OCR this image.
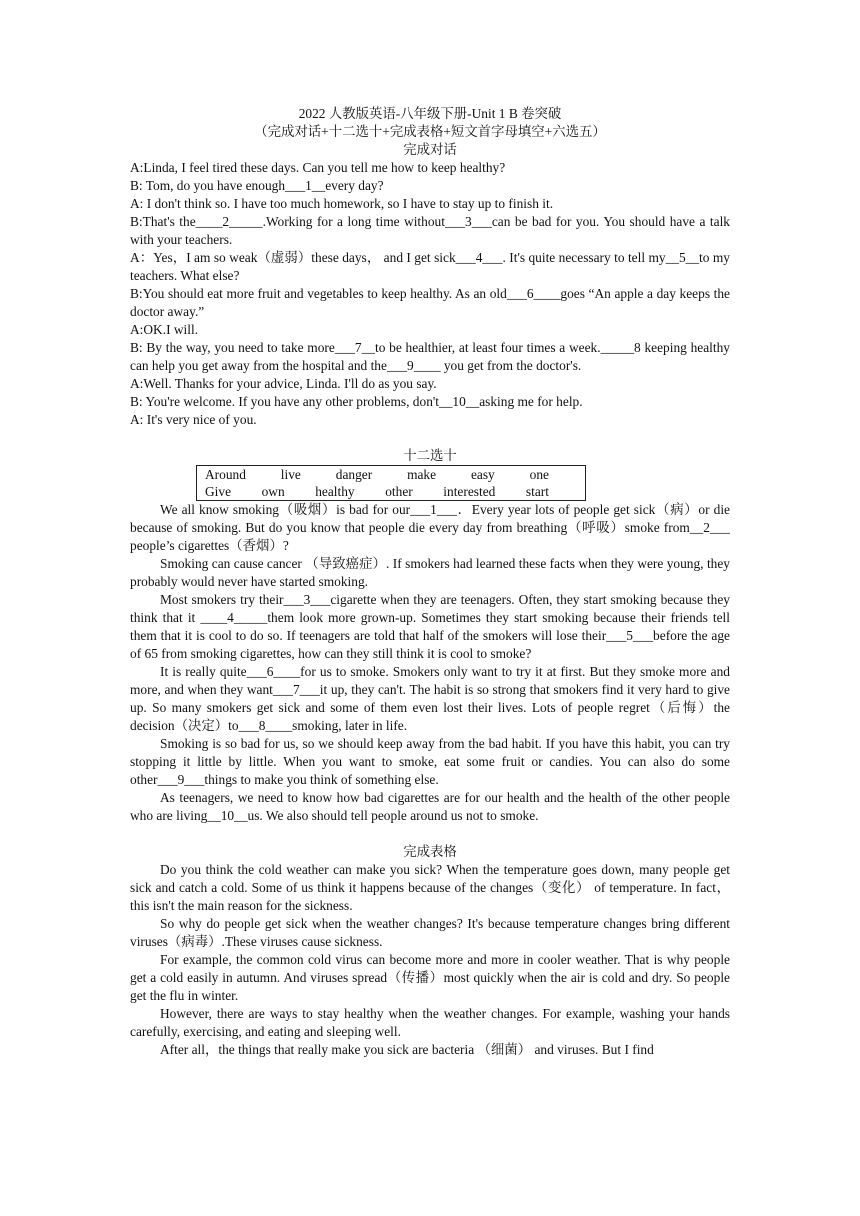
2022 人教版英语-八年级下册-Unit 1 B 卷突破

（完成对话+十二选十+完成表格+短文首字母填空+六选五）

完成对话

A:Linda, I feel tired these days. Can you tell me how to keep healthy?

B: Tom, do you have enough___1__every day?

A: I don't think so. I have too much homework, so I have to stay up to finish it.

B:That's the____2_____.Working for a long time without___3___can be bad for you. You should have a talk with your teachers.

A：Yes，I am so weak（虚弱）these days， and I get sick___4___. It's quite necessary to tell my__5__to my teachers. What else?

B:You should eat more fruit and vegetables to keep healthy. As an old___6____goes “An apple a day keeps the doctor away.”

A:OK.I will.

B: By the way, you need to take more___7__to be healthier, at least four times a week._____8 keeping healthy can help you get away from the hospital and the___9____ you get from the doctor's.

A:Well. Thanks for your advice, Linda. I'll do as you say.

B: You're welcome. If you have any other problems, don't__10__asking me for help.

A: It's very nice of you.

十二选十

Around	live	danger	make	easy	one
Give own healthy other interested start

We all know smoking（吸烟）is bad for our___1___．Every year lots of people get sick（病）or die because of smoking. But do you know that people die every day from breathing（呼吸）smoke from__2___ people’s cigarettes（香烟）?

Smoking can cause cancer （导致癌症）. If smokers had learned these facts when they were young, they probably would never have started smoking.

Most smokers try their___3___cigarette when they are teenagers. Often, they start smoking because they think that it ____4_____them look more grown-up. Sometimes they start smoking because their friends tell them that it is cool to do so. If teenagers are told that half of the smokers will lose their___5___before the age of 65 from smoking cigarettes, how can they still think it is cool to smoke?

It is really quite___6____for us to smoke. Smokers only want to try it at first. But they smoke more and more, and when they want___7___it up, they can't. The habit is so strong that smokers find it very hard to give up. So many smokers get sick and some of them even lost their lives. Lots of people regret（后悔）the decision（决定）to___8____smoking, later in life.

Smoking is so bad for us, so we should keep away from the bad habit. If you have this habit, you can try stopping it little by little. When you want to smoke, eat some fruit or candies. You can also do some other___9___things to make you think of something else.

As teenagers, we need to know how bad cigarettes are for our health and the health of the other people who are living__10__us. We also should tell people around us not to smoke.

完成表格

Do you think the cold weather can make you sick? When the temperature goes down, many people get sick and catch a cold. Some of us think it happens because of the changes（变化） of temperature. In fact， this isn't the main reason for the sickness.

So why do people get sick when the weather changes? It's because temperature changes bring different viruses（病毒）.These viruses cause sickness.

For example, the common cold virus can become more and more in cooler weather. That is why people get a cold easily in autumn. And viruses spread（传播）most quickly when the air is cold and dry. So people get the flu in winter.

However, there are ways to stay healthy when the weather changes. For example, washing your hands carefully, exercising, and eating and sleeping well.

After all，the things that really make you sick are bacteria （细菌） and viruses. But I find
